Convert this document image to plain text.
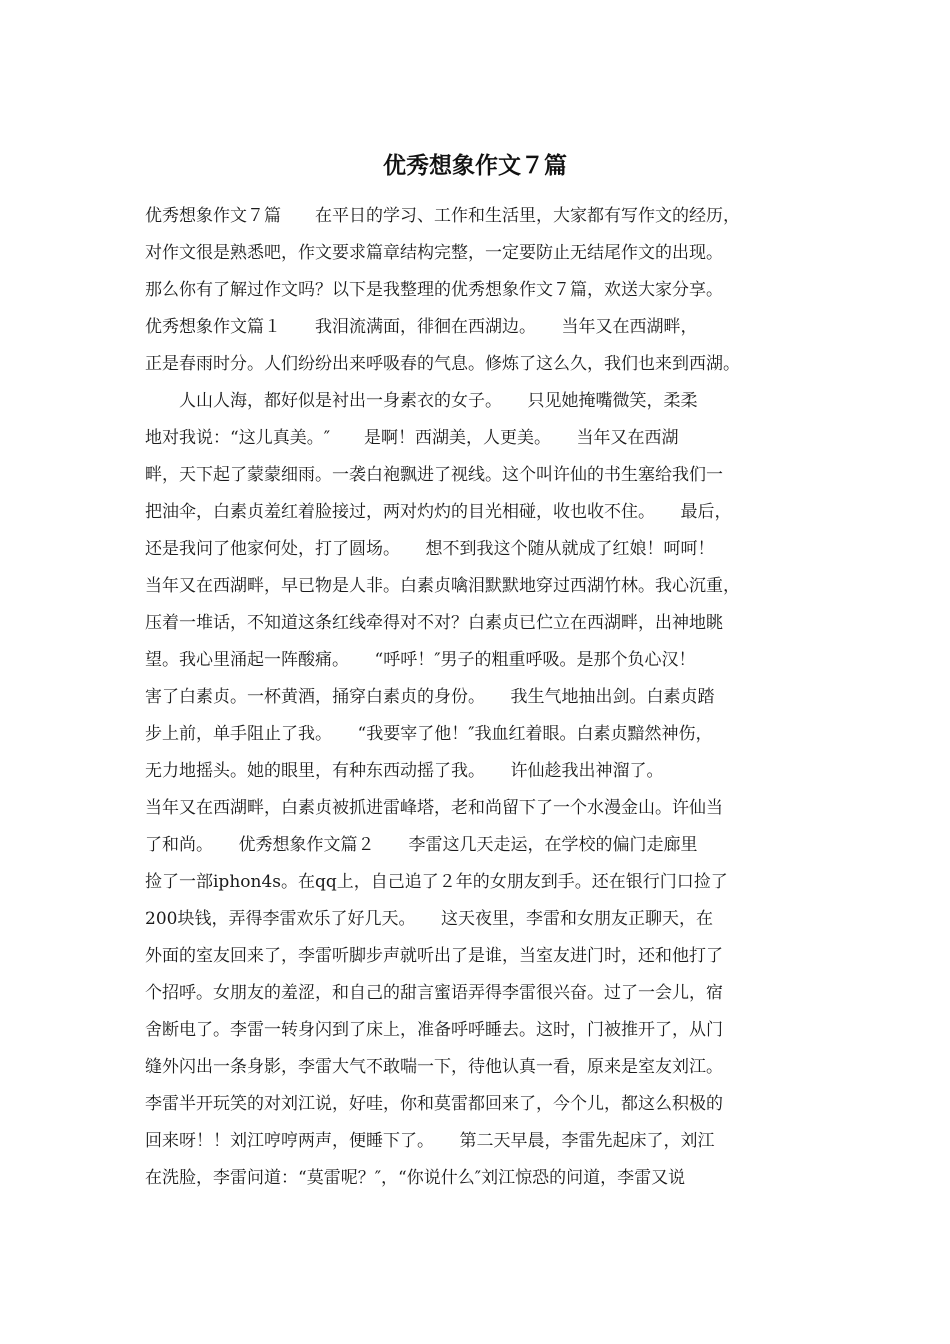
优秀想象作文７篇
优秀想象作文７篇　　在平日的学习、工作和生活里，大家都有写作文的经历，
对作文很是熟悉吧，作文要求篇章结构完整，一定要防止无结尾作文的出现。
那么你有了解过作文吗？以下是我整理的优秀想象作文７篇，欢送大家分享。
优秀想象作文篇１　　我泪流满面，徘徊在西湖边。　　当年又在西湖畔，
正是春雨时分。人们纷纷出来呼吸春的气息。修炼了这么久，我们也来到西湖。
　　人山人海，都好似是衬出一身素衣的女子。　　只见她掩嘴微笑，柔柔
地对我说：“这儿真美。″　　是啊！西湖美，人更美。　　当年又在西湖
畔，天下起了蒙蒙细雨。一袭白袍飘进了视线。这个叫许仙的书生塞给我们一
把油伞，白素贞羞红着脸接过，两对灼灼的目光相碰，收也收不住。　　最后，
还是我问了他家何处，打了圆场。　　想不到我这个随从就成了红娘！呵呵！
当年又在西湖畔，早已物是人非。白素贞噙泪默默地穿过西湖竹林。我心沉重，
压着一堆话，不知道这条红线牵得对不对？白素贞已伫立在西湖畔，出神地眺
望。我心里涌起一阵酸痛。　　“呼呼！″男子的粗重呼吸。是那个负心汉！
害了白素贞。一杯黄酒，捅穿白素贞的身份。　　我生气地抽出剑。白素贞踏
步上前，单手阻止了我。　　“我要宰了他！″我血红着眼。白素贞黯然神伤，
无力地摇头。她的眼里，有种东西动摇了我。　　许仙趁我出神溜了。
当年又在西湖畔，白素贞被抓进雷峰塔，老和尚留下了一个水漫金山。许仙当
了和尚。　　优秀想象作文篇２　　李雷这几天走运，在学校的偏门走廊里
捡了一部iphon4s。在qq上，自己追了２年的女朋友到手。还在银行门口捡了
200块钱，弄得李雷欢乐了好几天。　　这天夜里，李雷和女朋友正聊天，在
外面的室友回来了，李雷听脚步声就听出了是谁，当室友进门时，还和他打了
个招呼。女朋友的羞涩，和自己的甜言蜜语弄得李雷很兴奋。过了一会儿，宿
舍断电了。李雷一转身闪到了床上，准备呼呼睡去。这时，门被推开了，从门
缝外闪出一条身影，李雷大气不敢喘一下，待他认真一看，原来是室友刘江。
李雷半开玩笑的对刘江说，好哇，你和莫雷都回来了，今个儿，都这么积极的
回来呀！！刘江哼哼两声，便睡下了。　　第二天早晨，李雷先起床了，刘江
在洗脸，李雷问道：“莫雷呢？″，“你说什么″刘江惊恐的问道，李雷又说
